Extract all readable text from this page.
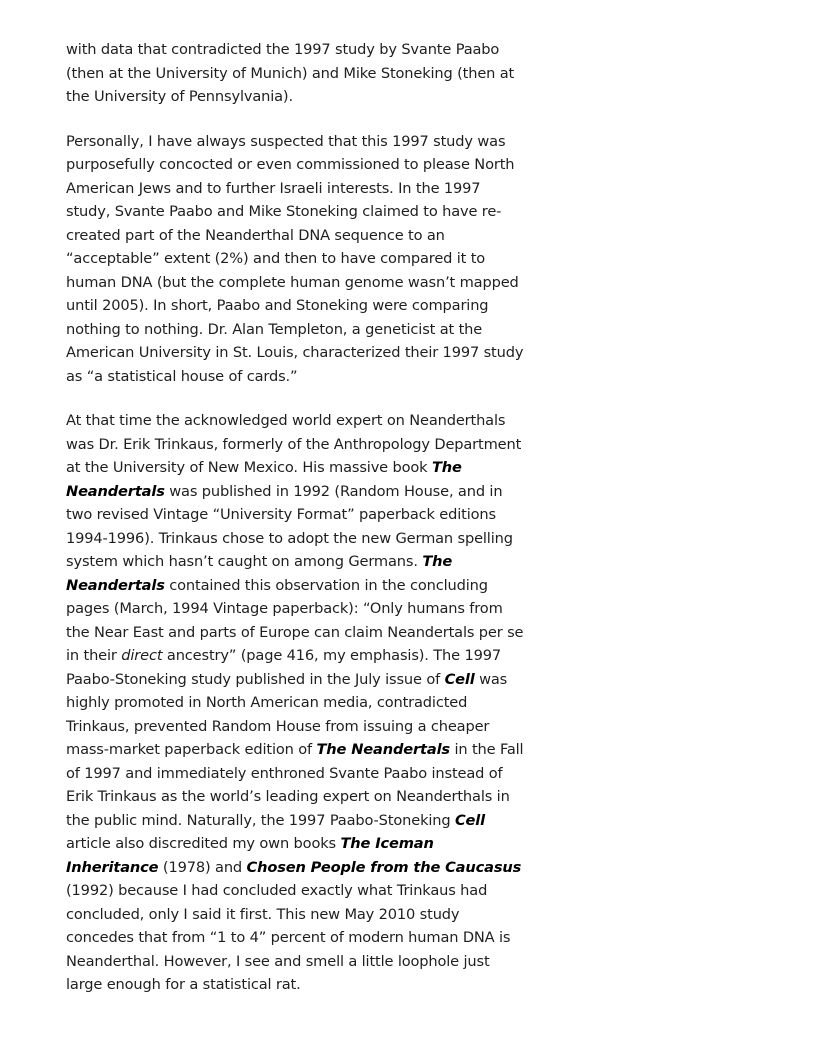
with data that contradicted the 1997 study by Svante Paabo (then at the University of Munich) and Mike Stoneking (then at the University of Pennsylvania).

Personally, I have always suspected that this 1997 study was purposefully concocted or even commissioned to please North American Jews and to further Israeli interests. In the 1997 study, Svante Paabo and Mike Stoneking claimed to have re-created part of the Neanderthal DNA sequence to an “acceptable” extent (2%) and then to have compared it to human DNA (but the complete human genome wasn’t mapped until 2005). In short, Paabo and Stoneking were comparing nothing to nothing. Dr. Alan Templeton, a geneticist at the American University in St. Louis, characterized their 1997 study as “a statistical house of cards.”

At that time the acknowledged world expert on Neanderthals was Dr. Erik Trinkaus, formerly of the Anthropology Department at the University of New Mexico. His massive book The Neandertals was published in 1992 (Random House, and in two revised Vintage “University Format” paperback editions 1994-1996). Trinkaus chose to adopt the new German spelling system which hasn’t caught on among Germans. The Neandertals contained this observation in the concluding pages (March, 1994 Vintage paperback): “Only humans from the Near East and parts of Europe can claim Neandertals per se in their direct ancestry” (page 416, my emphasis). The 1997 Paabo-Stoneking study published in the July issue of Cell was highly promoted in North American media, contradicted Trinkaus, prevented Random House from issuing a cheaper mass-market paperback edition of The Neandertals in the Fall of 1997 and immediately enthroned Svante Paabo instead of Erik Trinkaus as the world’s leading expert on Neanderthals in the public mind. Naturally, the 1997 Paabo-Stoneking Cell article also discredited my own books The Iceman Inheritance (1978) and Chosen People from the Caucasus (1992) because I had concluded exactly what Trinkaus had concluded, only I said it first. This new May 2010 study concedes that from “1 to 4” percent of modern human DNA is Neanderthal. However, I see and smell a little loophole just large enough for a statistical rat.
